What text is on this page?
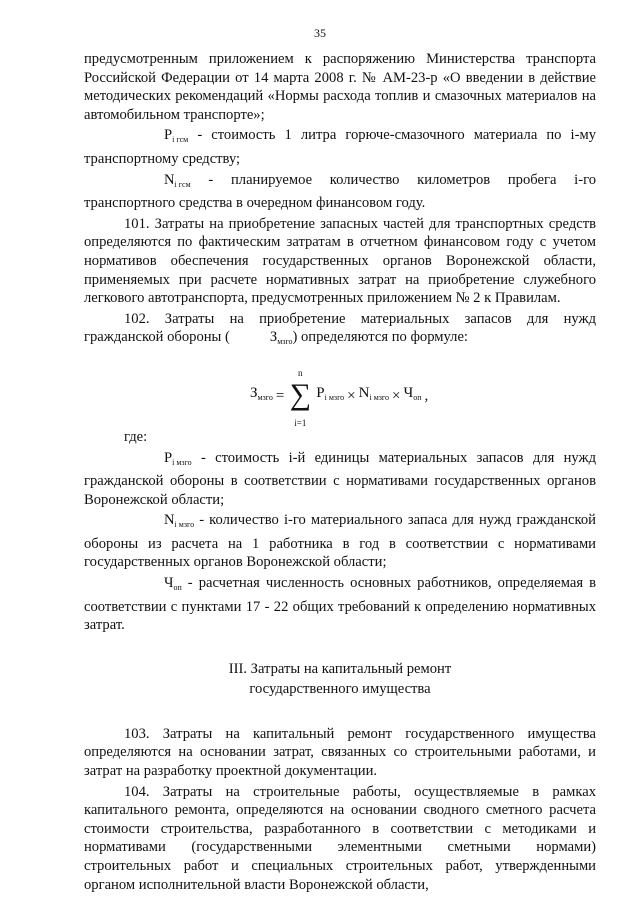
35

предусмотренным приложением к распоряжению Министерства транспорта Российской Федерации от 14 марта 2008 г. № АМ-23-р «О введении в действие методических рекомендаций «Нормы расхода топлив и смазочных материалов на автомобильном транспорте»;

$P_{i гсм}$ - стоимость 1 литра горюче-смазочного материала по i-му транспортному средству;

$N_{i гсм}$ - планируемое количество километров пробега i-го транспортного средства в очередном финансовом году.

101. Затраты на приобретение запасных частей для транспортных средств определяются по фактическим затратам в отчетном финансовом году с учетом нормативов обеспечения государственных органов Воронежской области, применяемых при расчете нормативных затрат на приобретение служебного легкового автотранспорта, предусмотренных приложением № 2 к Правилам.

102. Затраты на приобретение материальных запасов для нужд гражданской обороны (	$З_{мзго}$) определяются по формуле:

$З_{мзго}$ =
n
∑
i=1
$P_{i мзго} \times N_{i мзго} \times Ч_{оп}$ ,

где:

$P_{i мзго}$ - стоимость i-й единицы материальных запасов для нужд гражданской обороны в соответствии с нормативами государственных органов Воронежской области;

$N_{i мзго}$ - количество i-го материального запаса для нужд гражданской обороны из расчета на 1 работника в год в соответствии с нормативами государственных органов Воронежской области;

$Ч_{оп}$ - расчетная численность основных работников, определяемая в соответствии с пунктами 17 - 22 общих требований к определению нормативных затрат.

III. Затраты на капитальный ремонт
государственного имущества

103. Затраты на капитальный ремонт государственного имущества определяются на основании затрат, связанных со строительными работами, и затрат на разработку проектной документации.

104. Затраты на строительные работы, осуществляемые в рамках капитального ремонта, определяются на основании сводного сметного расчета стоимости строительства, разработанного в соответствии с методиками и нормативами (государственными элементными сметными нормами) строительных работ и специальных строительных работ, утвержденными органом исполнительной власти Воронежской области,
